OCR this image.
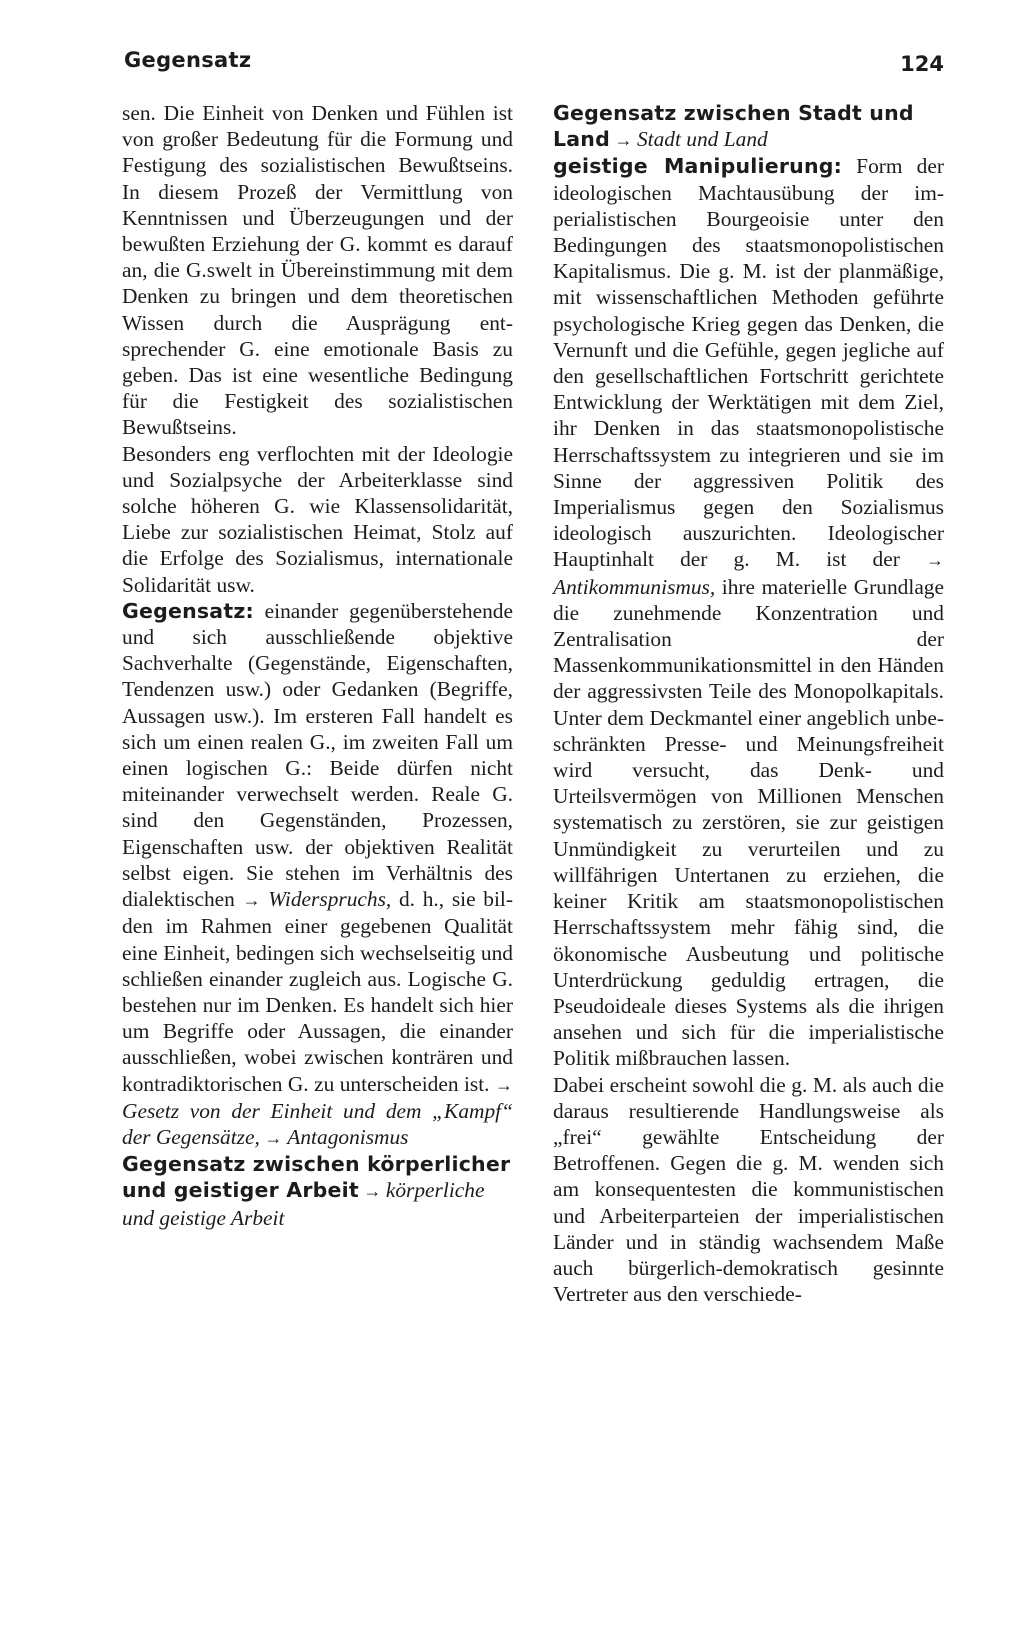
Gegensatz	124

sen. Die Einheit von Denken und Fühlen ist von großer Bedeutung für die Formung und Festigung des sozialistischen Bewußtseins. In diesem Prozeß der Vermittlung von Kenntnissen und Überzeugungen und der bewußten Erziehung der G. kommt es darauf an, die G.swelt in Übereinstimmung mit dem Denken zu bringen und dem theoretischen Wissen durch die Ausprägung entsprechender G. eine emotionale Basis zu geben. Das ist eine wesentliche Bedingung für die Festigkeit des sozialistischen Bewußtseins.

Besonders eng verflochten mit der Ideologie und Sozialpsyche der Arbeiterklasse sind solche höheren G. wie Klassensolidarität, Liebe zur sozialistischen Heimat, Stolz auf die Erfolge des Sozialismus, internationale Solidarität usw.

Gegensatz: einander gegenüberstehende und sich ausschließende objektive Sachverhalte (Gegenstände, Eigenschaften, Tendenzen usw.) oder Gedanken (Begriffe, Aussagen usw.). Im ersteren Fall handelt es sich um einen realen G., im zweiten Fall um einen logischen G.: Beide dürfen nicht miteinander verwechselt werden. Reale G. sind den Gegenständen, Prozessen, Eigenschaften usw. der objektiven Realität selbst eigen. Sie stehen im Verhältnis des dialektischen → Widerspruchs, d. h., sie bilden im Rahmen einer gegebenen Qualität eine Einheit, bedingen sich wechselseitig und schließen einander zugleich aus. Logische G. bestehen nur im Denken. Es handelt sich hier um Begriffe oder Aussagen, die einander ausschließen, wobei zwischen konträren und kontradiktorischen G. zu unterscheiden ist. → Gesetz von der Einheit und dem „Kampf“ der Gegensätze, → Antagonismus

Gegensatz zwischen körperlicher und geistiger Arbeit → körperliche und geistige Arbeit

Gegensatz zwischen Stadt und Land → Stadt und Land

geistige Manipulierung: Form der ideologischen Machtausübung der imperialistischen Bourgeoisie unter den Bedingungen des staatsmonopolistischen Kapitalismus. Die g. M. ist der planmäßige, mit wissenschaftlichen Methoden geführte psychologische Krieg gegen das Denken, die Vernunft und die Gefühle, gegen jegliche auf den gesellschaftlichen Fortschritt gerichtete Entwicklung der Werktätigen mit dem Ziel, ihr Denken in das staatsmonopolistische Herrschaftssystem zu integrieren und sie im Sinne der aggressiven Politik des Imperialismus gegen den Sozialismus ideologisch auszurichten. Ideologischer Hauptinhalt der g. M. ist der → Antikommunismus, ihre materielle Grundlage die zunehmende Konzentration und Zentralisation der Massenkommunikationsmittel in den Händen der aggressivsten Teile des Monopolkapitals. Unter dem Deckmantel einer angeblich unbeschränkten Presse- und Meinungsfreiheit wird versucht, das Denk- und Urteilsvermögen von Millionen Menschen systematisch zu zerstören, sie zur geistigen Unmündigkeit zu verurteilen und zu willfährigen Untertanen zu erziehen, die keiner Kritik am staatsmonopolistischen Herrschaftssystem mehr fähig sind, die ökonomische Ausbeutung und politische Unterdrückung geduldig ertragen, die Pseudoideale dieses Systems als die ihrigen ansehen und sich für die imperialistische Politik mißbrauchen lassen.

Dabei erscheint sowohl die g. M. als auch die daraus resultierende Handlungsweise als „frei“ gewählte Entscheidung der Betroffenen. Gegen die g. M. wenden sich am konsequentesten die kommunistischen und Arbeiterparteien der imperialistischen Länder und in ständig wachsendem Maße auch bürgerlich-demokratisch gesinnte Vertreter aus den verschiede-
